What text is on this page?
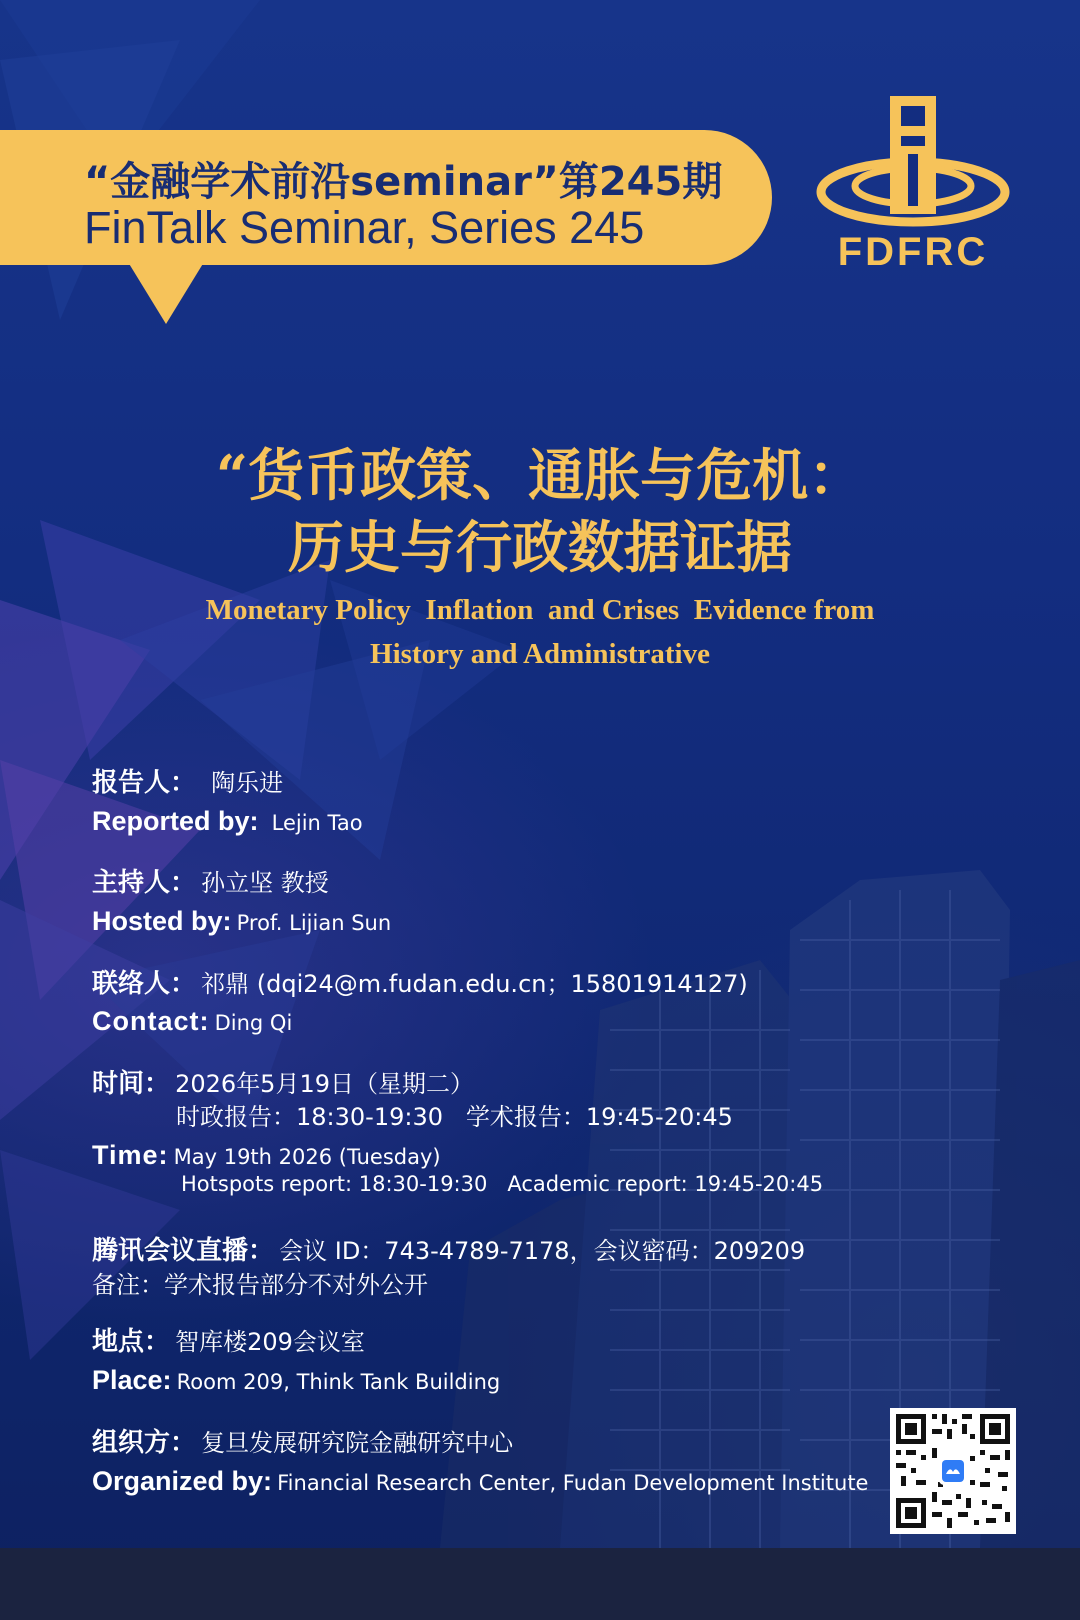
“金融学术前沿seminar”第245期
FinTalk Seminar, Series 245	FDFRC
“货币政策、通胀与危机：
历史与行政数据证据
Monetary Policy  Inflation  and Crises  Evidence from
History and Administrative
报告人： 陶乐进
Reported by: Lejin Tao
主持人： 孙立坚 教授
Hosted by: Prof. Lijian Sun
联络人： 祁鼎 (dqi24@m.fudan.edu.cn；15801914127)
Contact: Ding Qi
时间： 2026年5月19日（星期二）
时政报告：18:30-19:30   学术报告：19:45-20:45
Time: May 19th 2026 (Tuesday)
Hotspots report: 18:30-19:30   Academic report: 19:45-20:45
腾讯会议直播： 会议 ID：743-4789-7178，会议密码：209209
备注：学术报告部分不对外公开
地点： 智库楼209会议室
Place: Room 209, Think Tank Building
组织方： 复旦发展研究院金融研究中心
Organized by: Financial Research Center, Fudan Development Institute
